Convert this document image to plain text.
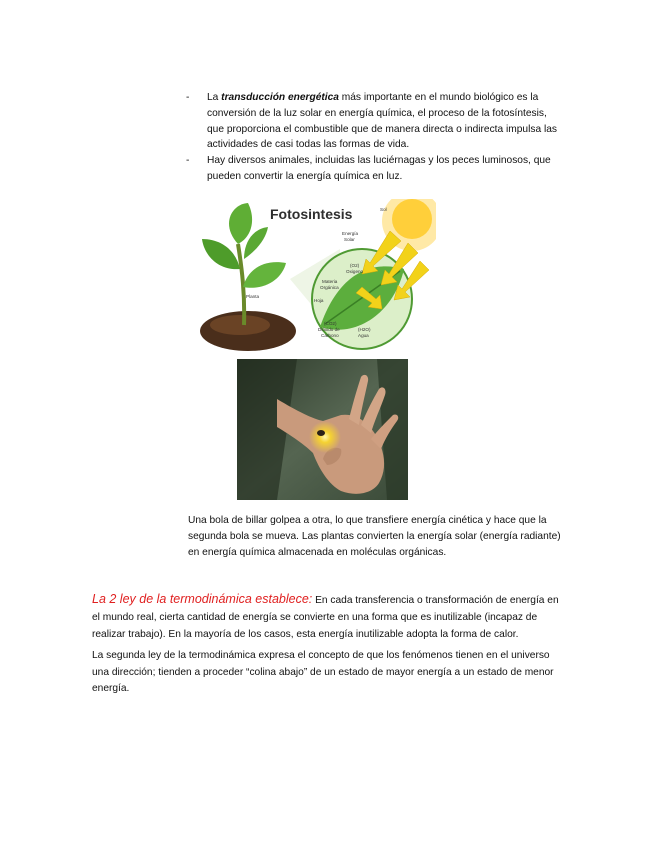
- La transducción energética más importante en el mundo biológico es la conversión de la luz solar en energía química, el proceso de la fotosíntesis, que proporciona el combustible que de manera directa o indirecta impulsa las actividades de casi todas las formas de vida.
- Hay diversos animales, incluidas las luciérnagas y los peces luminosos, que pueden convertir la energía química en luz.
Fotosintesis	Sol
Energía
Solar
(O2)
Oxigeno
Materia
Orgánica
Hoja
Planta
(CO2)
Dióxido de
Carbono
(H2O)
Agua
Una bola de billar golpea a otra, lo que transfiere energía cinética y hace que la segunda bola se mueva. Las plantas convierten la energía solar (energía radiante) en energía química almacenada en moléculas orgánicas.
La 2 ley de la termodinámica establece: En cada transferencia o transformación de energía en el mundo real, cierta cantidad de energía se convierte en una forma que es inutilizable (incapaz de realizar trabajo). En la mayoría de los casos, esta energía inutilizable adopta la forma de calor.
La segunda ley de la termodinámica expresa el concepto de que los fenómenos tienen en el universo una dirección; tienden a proceder “colina abajo” de un estado de mayor energía a un estado de menor energía.
